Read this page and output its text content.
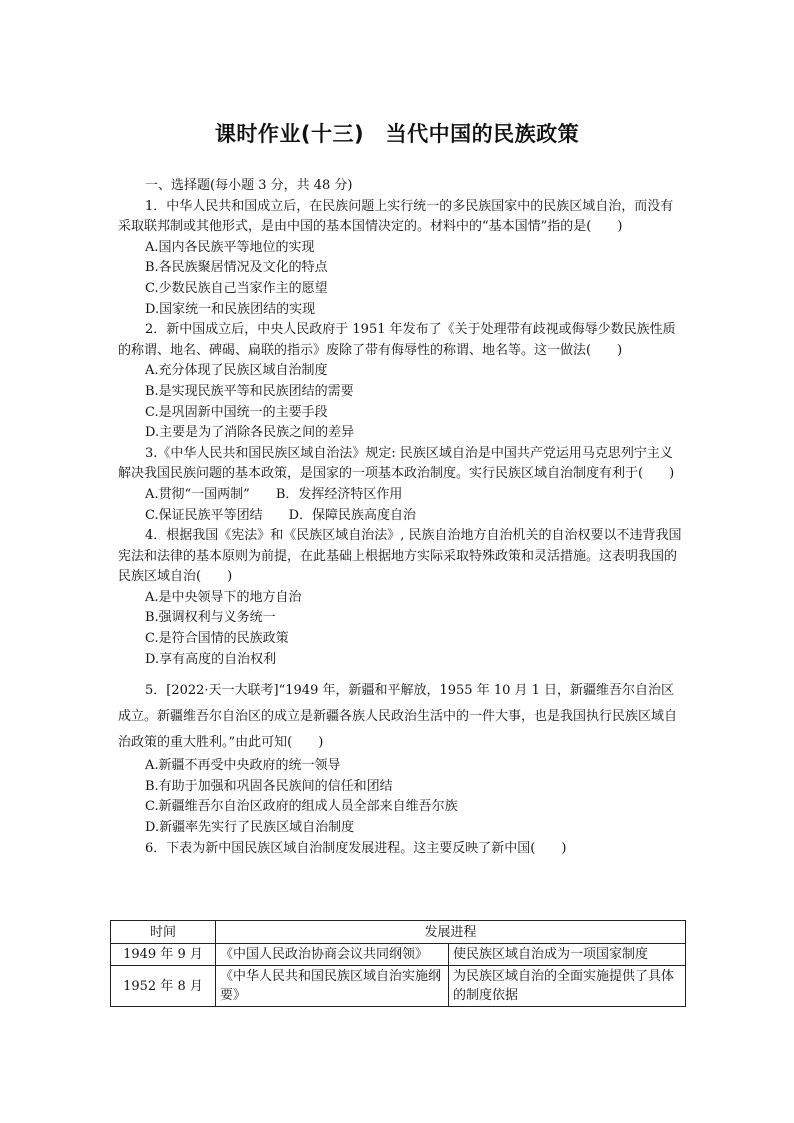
课时作业(十三)　当代中国的民族政策

一、选择题(每小题 3 分，共 48 分)

1．中华人民共和国成立后，在民族问题上实行统一的多民族国家中的民族区域自治，而没有采取联邦制或其他形式，是由中国的基本国情决定的。材料中的“基本国情”指的是(　　)

A.国内各民族平等地位的实现

B.各民族聚居情况及文化的特点

C.少数民族自己当家作主的愿望

D.国家统一和民族团结的实现

2．新中国成立后，中央人民政府于 1951 年发布了《关于处理带有歧视或侮辱少数民族性质的称谓、地名、碑碣、扁联的指示》废除了带有侮辱性的称谓、地名等。这一做法(　　)

A.充分体现了民族区域自治制度

B.是实现民族平等和民族团结的需要

C.是巩固新中国统一的主要手段

D.主要是为了消除各民族之间的差异

3.《中华人民共和国民族区域自治法》规定: 民族区域自治是中国共产党运用马克思列宁主义解决我国民族问题的基本政策，是国家的一项基本政治制度。实行民族区域自治制度有利于(　　)

A.贯彻“一国两制”　　B．发挥经济特区作用

C.保证民族平等团结　　D．保障民族高度自治

4．根据我国《宪法》和《民族区域自治法》, 民族自治地方自治机关的自治权要以不违背我国宪法和法律的基本原则为前提，在此基础上根据地方实际采取特殊政策和灵活措施。这表明我国的民族区域自治(　　)

A.是中央领导下的地方自治

B.强调权利与义务统一

C.是符合国情的民族政策

D.享有高度的自治权利

5．[2022·天一大联考]“1949 年，新疆和平解放，1955 年 10 月 1 日，新疆维吾尔自治区成立。新疆维吾尔自治区的成立是新疆各族人民政治生活中的一件大事，也是我国执行民族区域自治政策的重大胜利。”由此可知(　　)

A.新疆不再受中央政府的统一领导

B.有助于加强和巩固各民族间的信任和团结

C.新疆维吾尔自治区政府的组成人员全部来自维吾尔族

D.新疆率先实行了民族区域自治制度

6．下表为新中国民族区域自治制度发展进程。这主要反映了新中国(　　)

时间	发展进程	
1949 年 9 月	《中国人民政治协商会议共同纲领》	使民族区域自治成为一项国家制度
1952 年 8 月	《中华人民共和国民族区域自治实施纲要》	为民族区域自治的全面实施提供了具体的制度依据
